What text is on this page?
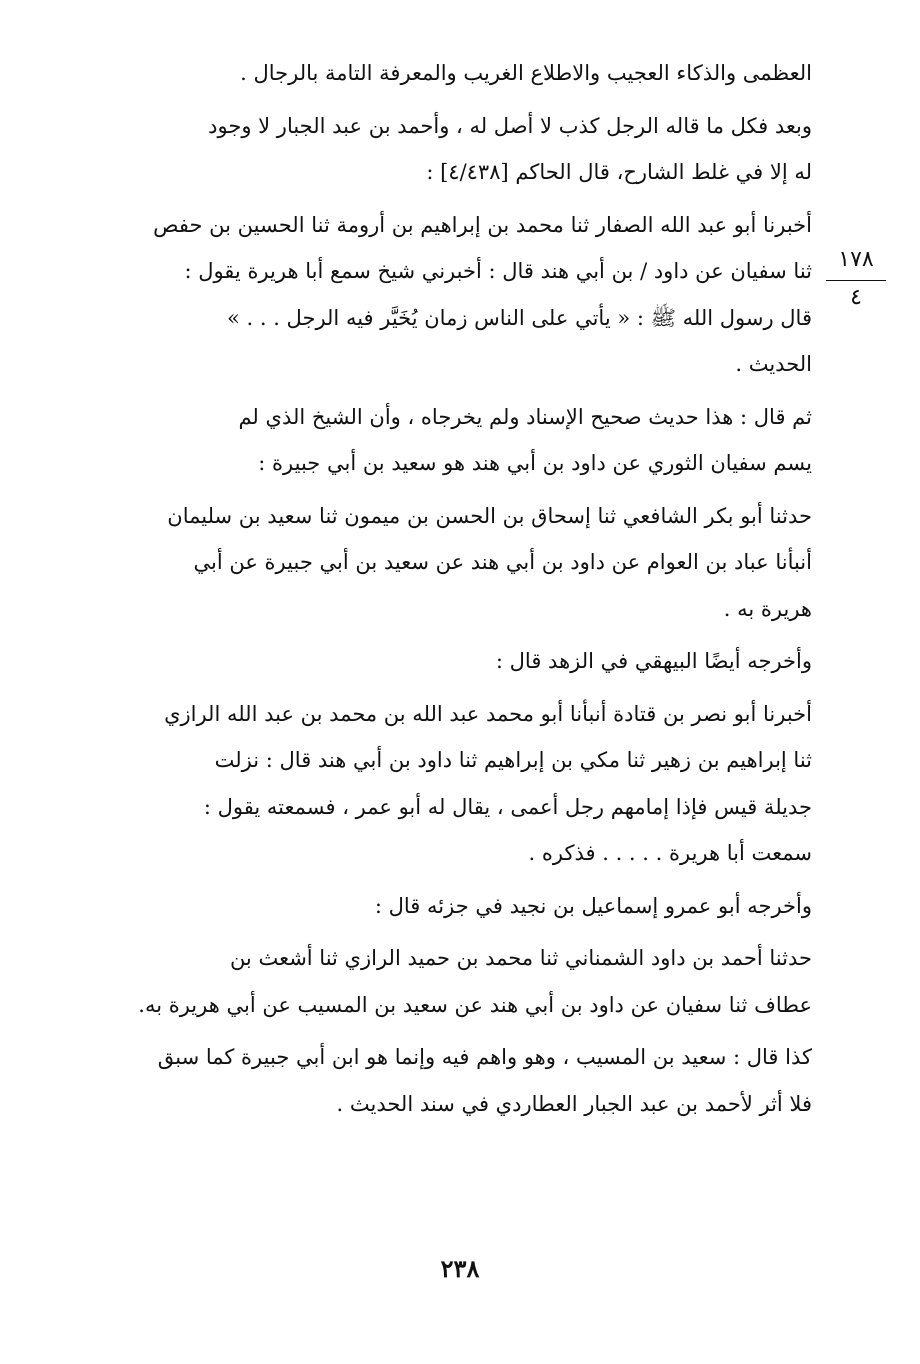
١٧٨
٤
العظمى والذكاء العجيب والاطلاع الغريب والمعرفة التامة بالرجال .
وبعد فكل ما قاله الرجل كذب لا أصل له ، وأحمد بن عبد الجبار لا وجود
له إلا في غلط الشارح، قال الحاكم [٤/٤٣٨] :
أخبرنا أبو عبد الله الصفار ثنا محمد بن إبراهيم بن أرومة ثنا الحسين بن حفص
ثنا سفيان عن داود / بن أبي هند قال : أخبرني شيخ سمع أبا هريرة يقول :
قال رسول الله ﷺ : « يأتي على الناس زمان يُخَيَّر فيه الرجل . . . »
الحديث .
ثم قال : هذا حديث صحيح الإسناد ولم يخرجاه ، وأن الشيخ الذي لم
يسم سفيان الثوري عن داود بن أبي هند هو سعيد بن أبي جبيرة :
حدثنا أبو بكر الشافعي ثنا إسحاق بن الحسن بن ميمون ثنا سعيد بن سليمان
أنبأنا عباد بن العوام عن داود بن أبي هند عن سعيد بن أبي جبيرة عن أبي
هريرة به .
وأخرجه أيضًا البيهقي في الزهد قال :
أخبرنا أبو نصر بن قتادة أنبأنا أبو محمد عبد الله بن محمد بن عبد الله الرازي
ثنا إبراهيم بن زهير ثنا مكي بن إبراهيم ثنا داود بن أبي هند قال : نزلت
جديلة قيس فإذا إمامهم رجل أعمى ، يقال له أبو عمر ، فسمعته يقول :
سمعت أبا هريرة . . . . . فذكره .
وأخرجه أبو عمرو إسماعيل بن نجيد في جزئه قال :
حدثنا أحمد بن داود الشمناني ثنا محمد بن حميد الرازي ثنا أشعث بن
عطاف ثنا سفيان عن داود بن أبي هند عن سعيد بن المسيب عن أبي هريرة به.
كذا قال : سعيد بن المسيب ، وهو واهم فيه وإنما هو ابن أبي جبيرة كما سبق
فلا أثر لأحمد بن عبد الجبار العطاردي في سند الحديث .
٢٣٨
